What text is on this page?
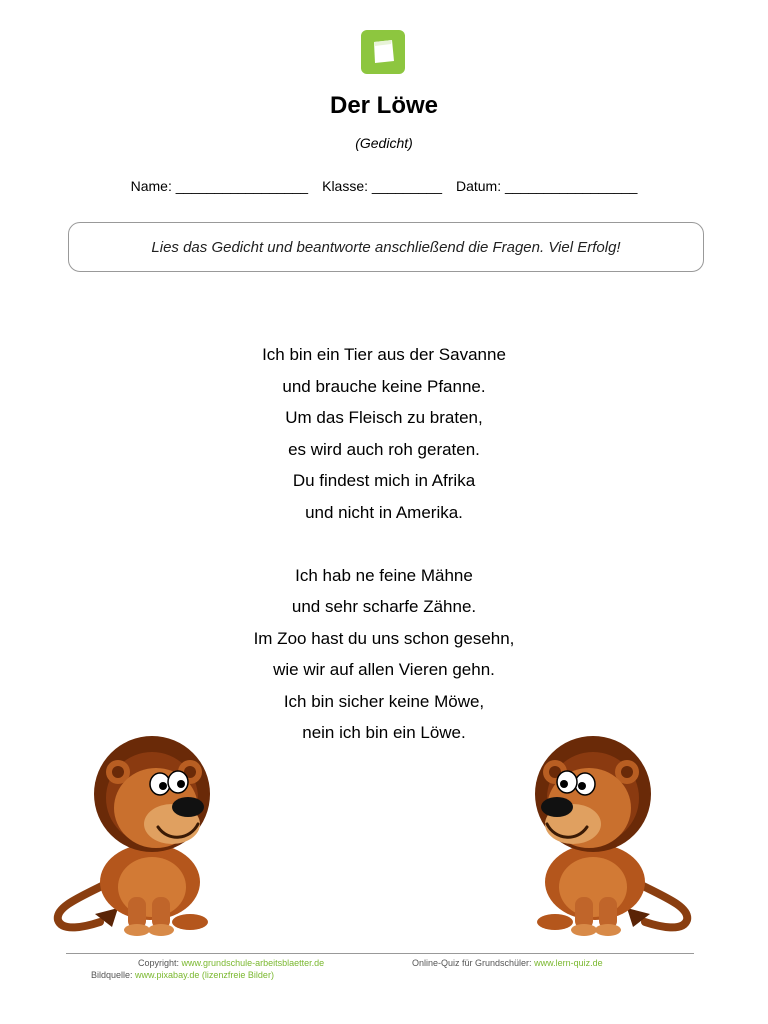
Der Löwe
(Gedicht)
Name: _________________ Klasse: _________ Datum: _________________
Lies das Gedicht und beantworte anschließend die Fragen. Viel Erfolg!
Ich bin ein Tier aus der Savanne
und brauche keine Pfanne.
Um das Fleisch zu braten,
es wird auch roh geraten.
Du findest mich in Afrika
und nicht in Amerika.
Ich hab ne feine Mähne
und sehr scharfe Zähne.
Im Zoo hast du uns schon gesehn,
wie wir auf allen Vieren gehn.
Ich bin sicher keine Möwe,
nein ich bin ein Löwe.
Copyright: www.grundschule-arbeitsblaetter.de
Bildquelle: www.pixabay.de (lizenzfreie Bilder)
Online-Quiz für Grundschüler: www.lern-quiz.de
